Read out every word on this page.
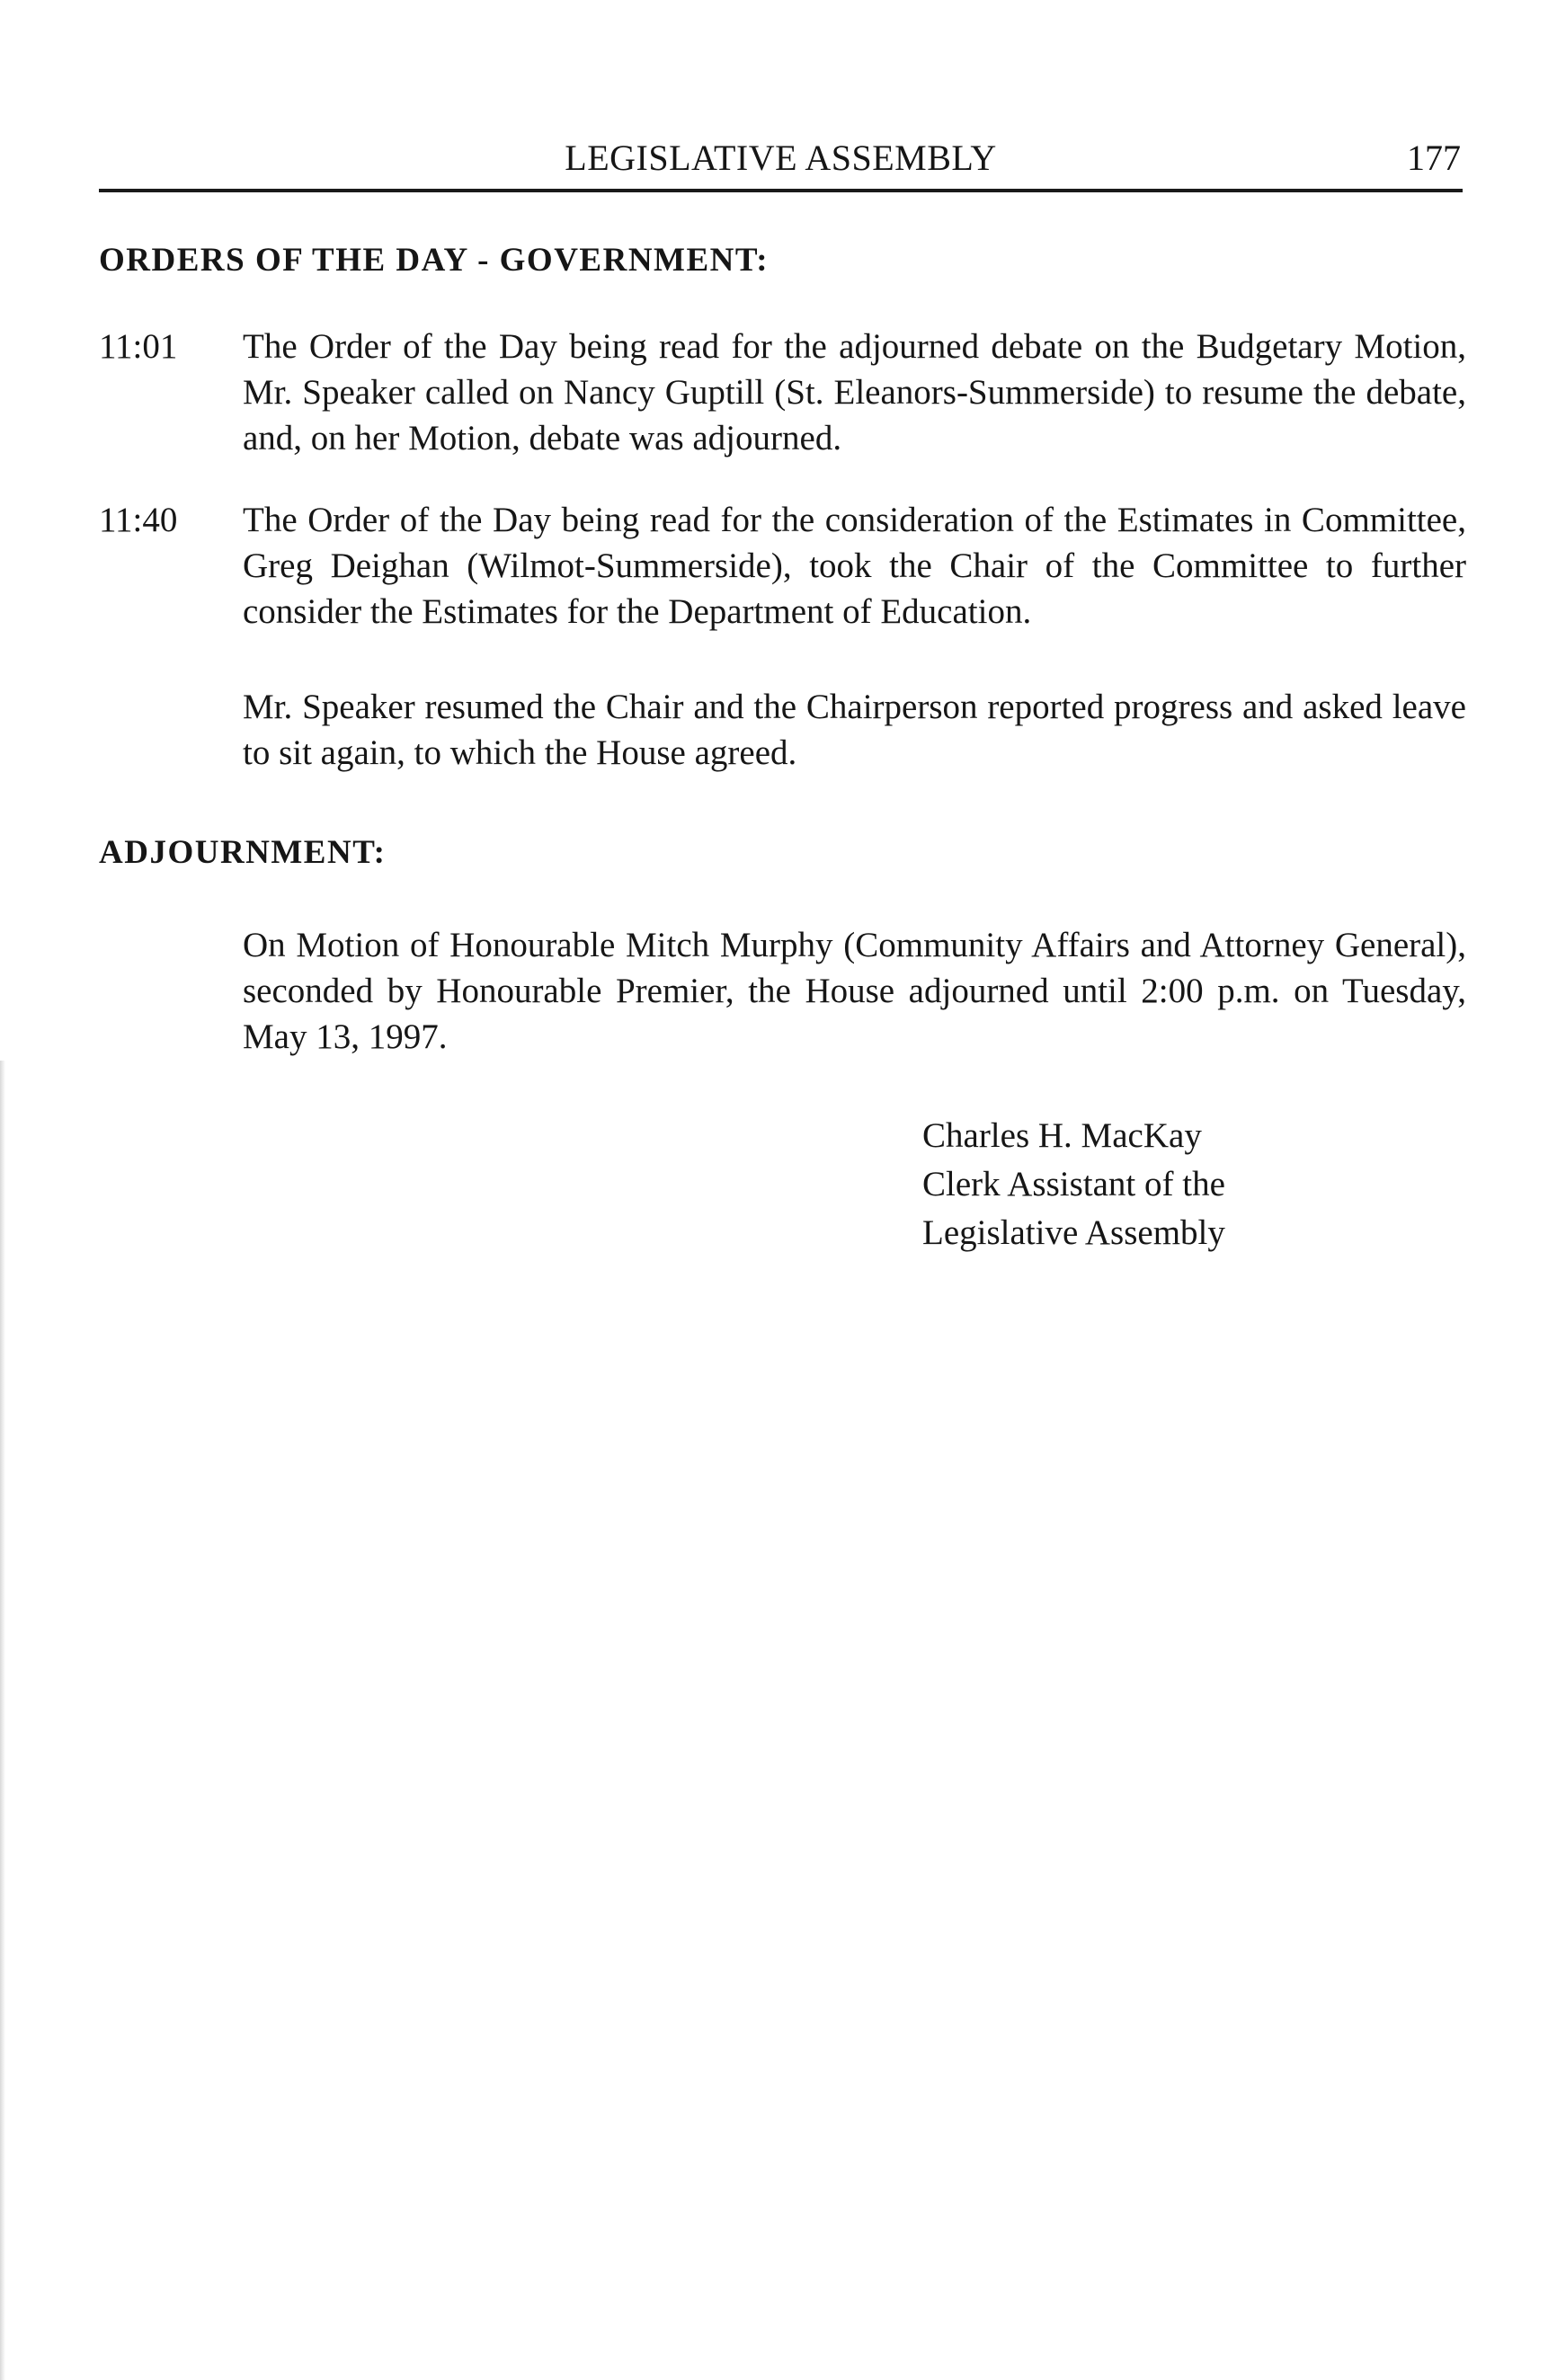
LEGISLATIVE ASSEMBLY	177
ORDERS OF THE DAY - GOVERNMENT:
11:01 The Order of the Day being read for the adjourned debate on the Budgetary Motion, Mr. Speaker called on Nancy Guptill (St. Eleanors-Summerside) to resume the debate, and, on her Motion, debate was adjourned.

11:40 The Order of the Day being read for the consideration of the Estimates in Committee, Greg Deighan (Wilmot-Summerside), took the Chair of the Committee to further consider the Estimates for the Department of Education.

Mr. Speaker resumed the Chair and the Chairperson reported progress and asked leave to sit again, to which the House agreed.

ADJOURNMENT:

On Motion of Honourable Mitch Murphy (Community Affairs and Attorney General), seconded by Honourable Premier, the House adjourned until 2:00 p.m. on Tuesday, May 13, 1997.

Charles H. MacKay
Clerk Assistant of the
Legislative Assembly
